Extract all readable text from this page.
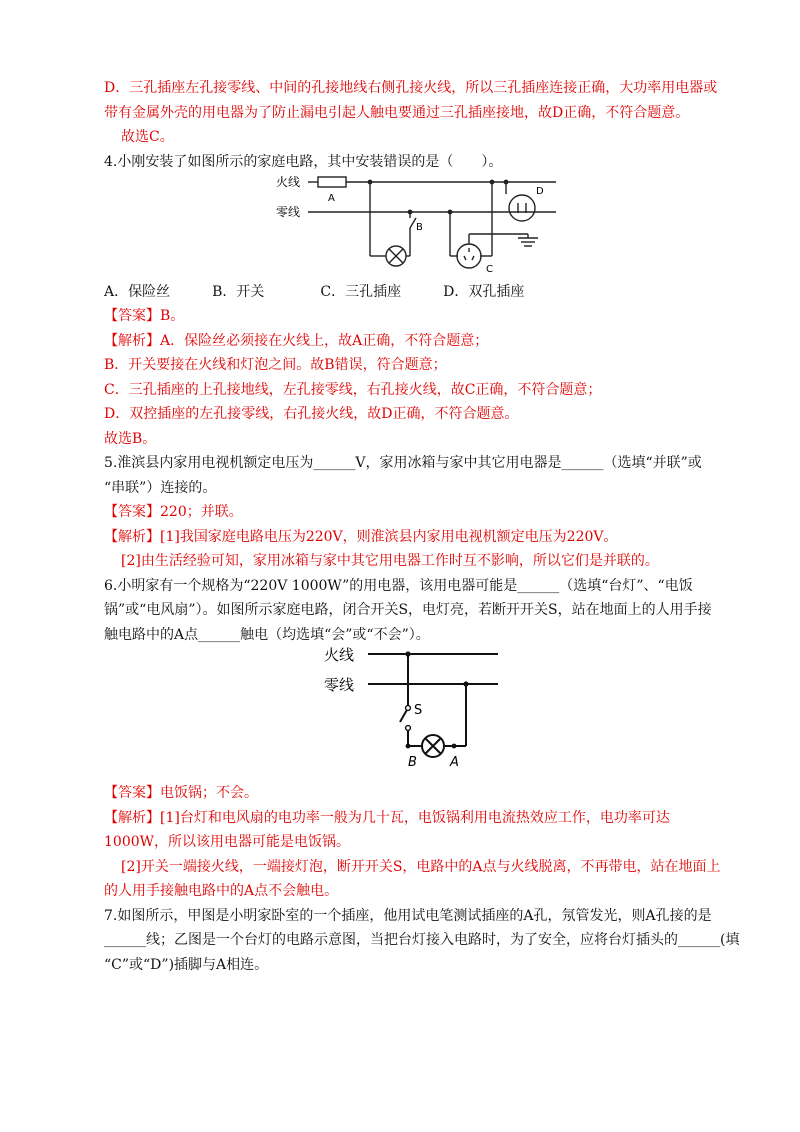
D．三孔插座左孔接零线、中间的孔接地线右侧孔接火线，所以三孔插座连接正确，大功率用电器或
带有金属外壳的用电器为了防止漏电引起人触电要通过三孔插座接地，故D正确，不符合题意。
故选C。
4.小刚安装了如图所示的家庭电路，其中安装错误的是（　　）。
火线
零线
A
B
C
D
A．保险丝　　　B．开关　　　　C．三孔插座　　　D．双孔插座
【答案】B。
【解析】A．保险丝必须接在火线上，故A正确，不符合题意；
B．开关要接在火线和灯泡之间。故B错误，符合题意；
C．三孔插座的上孔接地线，左孔接零线，右孔接火线，故C正确，不符合题意；
D．双控插座的左孔接零线，右孔接火线，故D正确，不符合题意。
故选B。
5.淮滨县内家用电视机额定电压为______V，家用冰箱与家中其它用电器是______（选填“并联”或
“串联”）连接的。
【答案】220；并联。
【解析】[1]我国家庭电路电压为220V，则淮滨县内家用电视机额定电压为220V。
[2]由生活经验可知，家用冰箱与家中其它用电器工作时互不影响，所以它们是并联的。
6.小明家有一个规格为“220V 1000W”的用电器，该用电器可能是______（选填“台灯”、“电饭
锅”或“电风扇”）。如图所示家庭电路，闭合开关S，电灯亮，若断开开关S，站在地面上的人用手接
触电路中的A点______触电（均选填“会”或“不会”）。
火线
零线
S
B	A
【答案】电饭锅；不会。
【解析】[1]台灯和电风扇的电功率一般为几十瓦，电饭锅利用电流热效应工作，电功率可达
1000W，所以该用电器可能是电饭锅。
[2]开关一端接火线，一端接灯泡，断开开关S，电路中的A点与火线脱离，不再带电，站在地面上
的人用手接触电路中的A点不会触电。
7.如图所示，甲图是小明家卧室的一个插座，他用试电笔测试插座的A孔，氖管发光，则A孔接的是
______线；乙图是一个台灯的电路示意图，当把台灯接入电路时，为了安全，应将台灯插头的______(填
“C”或“D”)插脚与A相连。
